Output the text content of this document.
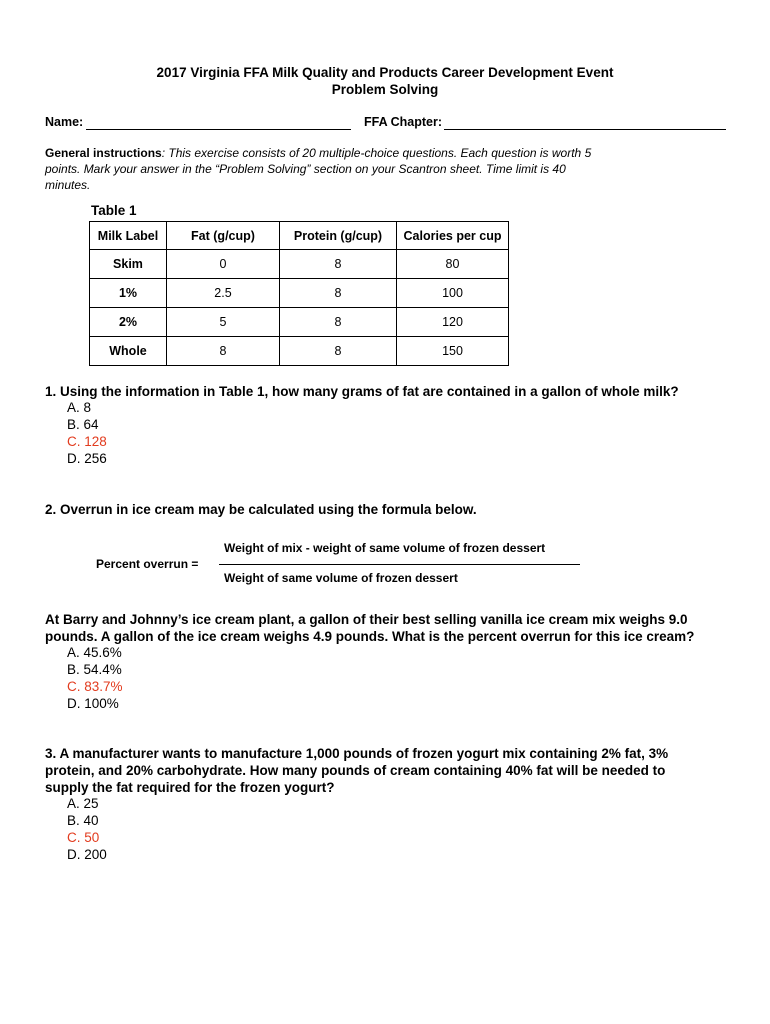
2017 Virginia FFA Milk Quality and Products Career Development Event
Problem Solving
Name:	FFA Chapter:
General instructions: This exercise consists of 20 multiple-choice questions. Each question is worth 5
points. Mark your answer in the “Problem Solving” section on your Scantron sheet. Time limit is 40
minutes.
Table 1
Milk Label	Fat (g/cup)	Protein (g/cup)	Calories per cup
Skim	0	8	80
1%	2.5	8	100
2%	5	8	120
Whole	8	8	150
1. Using the information in Table 1, how many grams of fat are contained in a gallon of whole milk?
A. 8
B. 64
C. 128
D. 256
2. Overrun in ice cream may be calculated using the formula below.
Weight of mix - weight of same volume of frozen dessert
Percent overrun =
Weight of same volume of frozen dessert
At Barry and Johnny’s ice cream plant, a gallon of their best selling vanilla ice cream mix weighs 9.0
pounds. A gallon of the ice cream weighs 4.9 pounds. What is the percent overrun for this ice cream?
A. 45.6%
B. 54.4%
C. 83.7%
D. 100%
3. A manufacturer wants to manufacture 1,000 pounds of frozen yogurt mix containing 2% fat, 3%
protein, and 20% carbohydrate. How many pounds of cream containing 40% fat will be needed to
supply the fat required for the frozen yogurt?
A. 25
B. 40
C. 50
D. 200
